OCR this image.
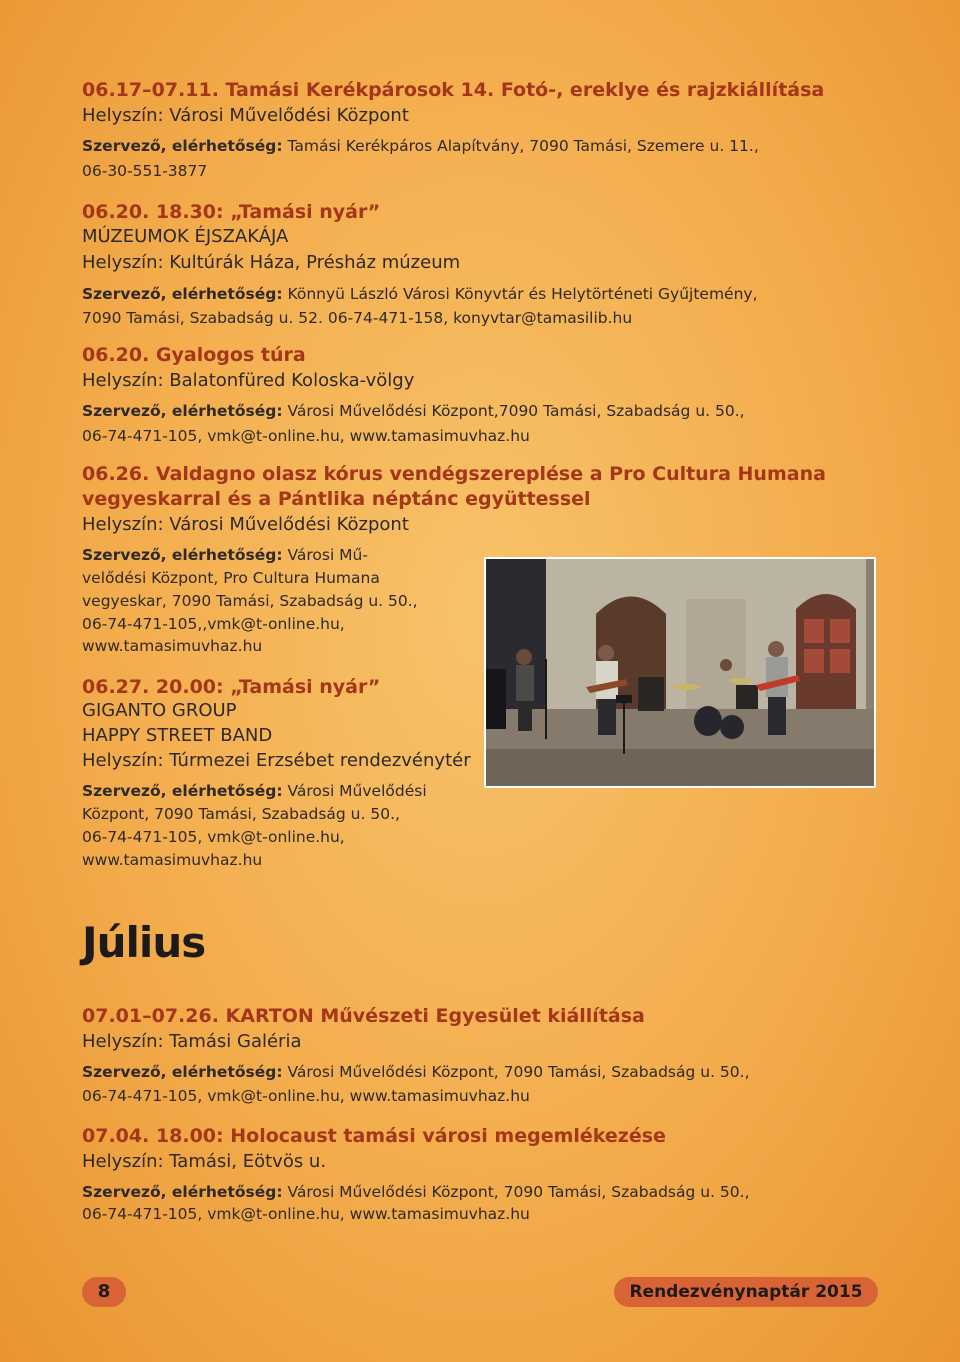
06.17–07.11. Tamási Kerékpárosok 14. Fotó-, ereklye és rajzkiállítása

Helyszín: Városi Művelődési Központ

Szervező, elérhetőség: Tamási Kerékpáros Alapítvány, 7090 Tamási, Szemere u. 11.,

06-30-551-3877

06.20. 18.30: „Tamási nyár”

MÚZEUMOK ÉJSZAKÁJA

Helyszín: Kultúrák Háza, Présház múzeum

Szervező, elérhetőség: Könnyü László Városi Könyvtár és Helytörténeti Gyűjtemény,

7090 Tamási, Szabadság u. 52. 06-74-471-158, konyvtar@tamasilib.hu

06.20. Gyalogos túra

Helyszín: Balatonfüred Koloska-völgy

Szervező, elérhetőség: Városi Művelődési Központ,7090 Tamási, Szabadság u. 50.,

06-74-471-105, vmk@t-online.hu, www.tamasimuvhaz.hu

06.26. Valdagno olasz kórus vendégszereplése a Pro Cultura Humana

vegyeskarral és a Pántlika néptánc együttessel

Helyszín: Városi Művelődési Központ

Szervező, elérhetőség: Városi Mű-

velődési Központ, Pro Cultura Humana

vegyeskar, 7090 Tamási, Szabadság u. 50.,

06-74-471-105,,vmk@t-online.hu,

www.tamasimuvhaz.hu

06.27. 20.00: „Tamási nyár”

GIGANTO GROUP

HAPPY STREET BAND

Helyszín: Túrmezei Erzsébet rendezvénytér

Szervező, elérhetőség: Városi Művelődési

Központ, 7090 Tamási, Szabadság u. 50.,

06-74-471-105, vmk@t-online.hu,

www.tamasimuvhaz.hu

Július

07.01–07.26. KARTON Művészeti Egyesület kiállítása

Helyszín: Tamási Galéria

Szervező, elérhetőség: Városi Művelődési Központ, 7090 Tamási, Szabadság u. 50.,

06-74-471-105, vmk@t-online.hu, www.tamasimuvhaz.hu

07.04. 18.00: Holocaust tamási városi megemlékezése

Helyszín: Tamási, Eötvös u.

Szervező, elérhetőség: Városi Művelődési Központ, 7090 Tamási, Szabadság u. 50.,

06-74-471-105, vmk@t-online.hu, www.tamasimuvhaz.hu

8	Rendezvénynaptár 2015
